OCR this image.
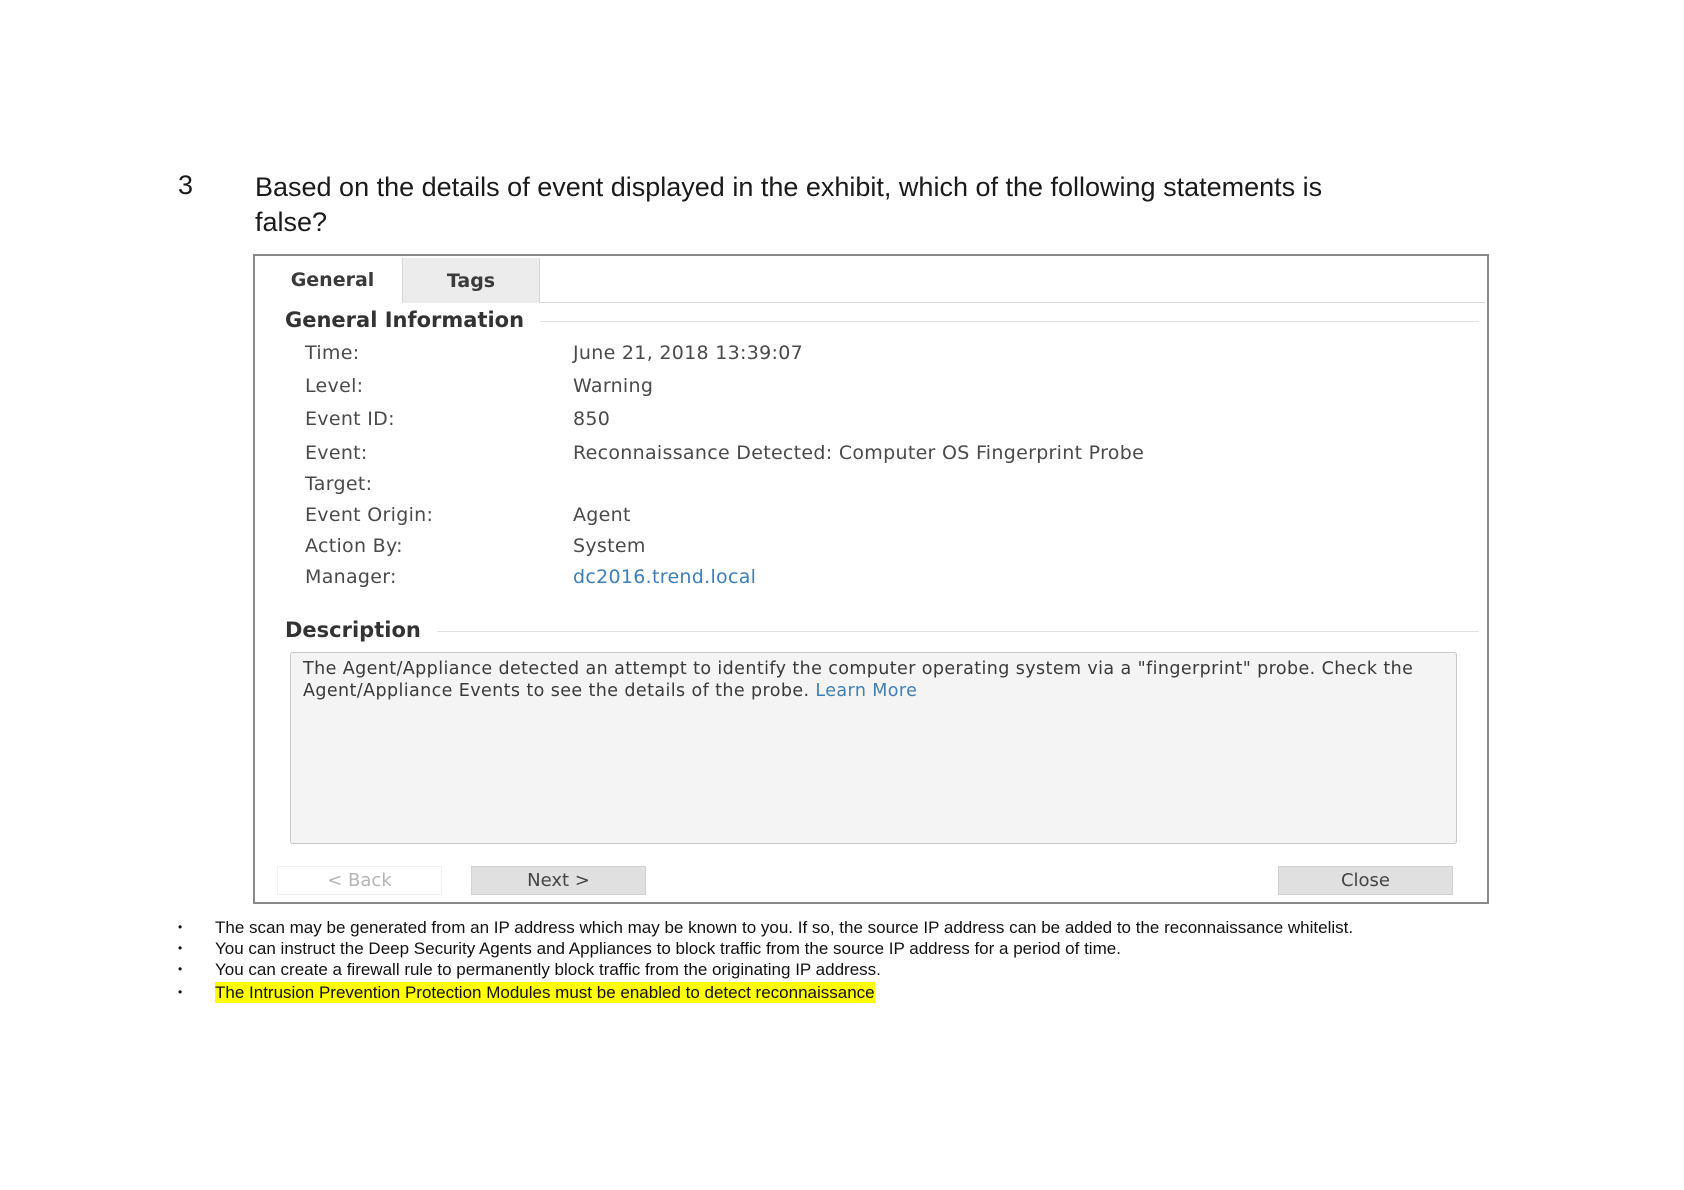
3 Based on the details of event displayed in the exhibit, which of the following statements is false?
General	Tags
General Information
Time:	June 21, 2018 13:39:07
Level:	Warning
Event ID:	850
Event:	Reconnaissance Detected: Computer OS Fingerprint Probe
Target:
Event Origin:	Agent
Action By:	System
Manager:	dc2016.trend.local
Description
The Agent/Appliance detected an attempt to identify the computer operating system via a "fingerprint" probe. Check the Agent/Appliance Events to see the details of the probe. Learn More
< Back	Next >	Close
• The scan may be generated from an IP address which may be known to you. If so, the source IP address can be added to the reconnaissance whitelist.
• You can instruct the Deep Security Agents and Appliances to block traffic from the source IP address for a period of time.
• You can create a firewall rule to permanently block traffic from the originating IP address.
• The Intrusion Prevention Protection Modules must be enabled to detect reconnaissance
